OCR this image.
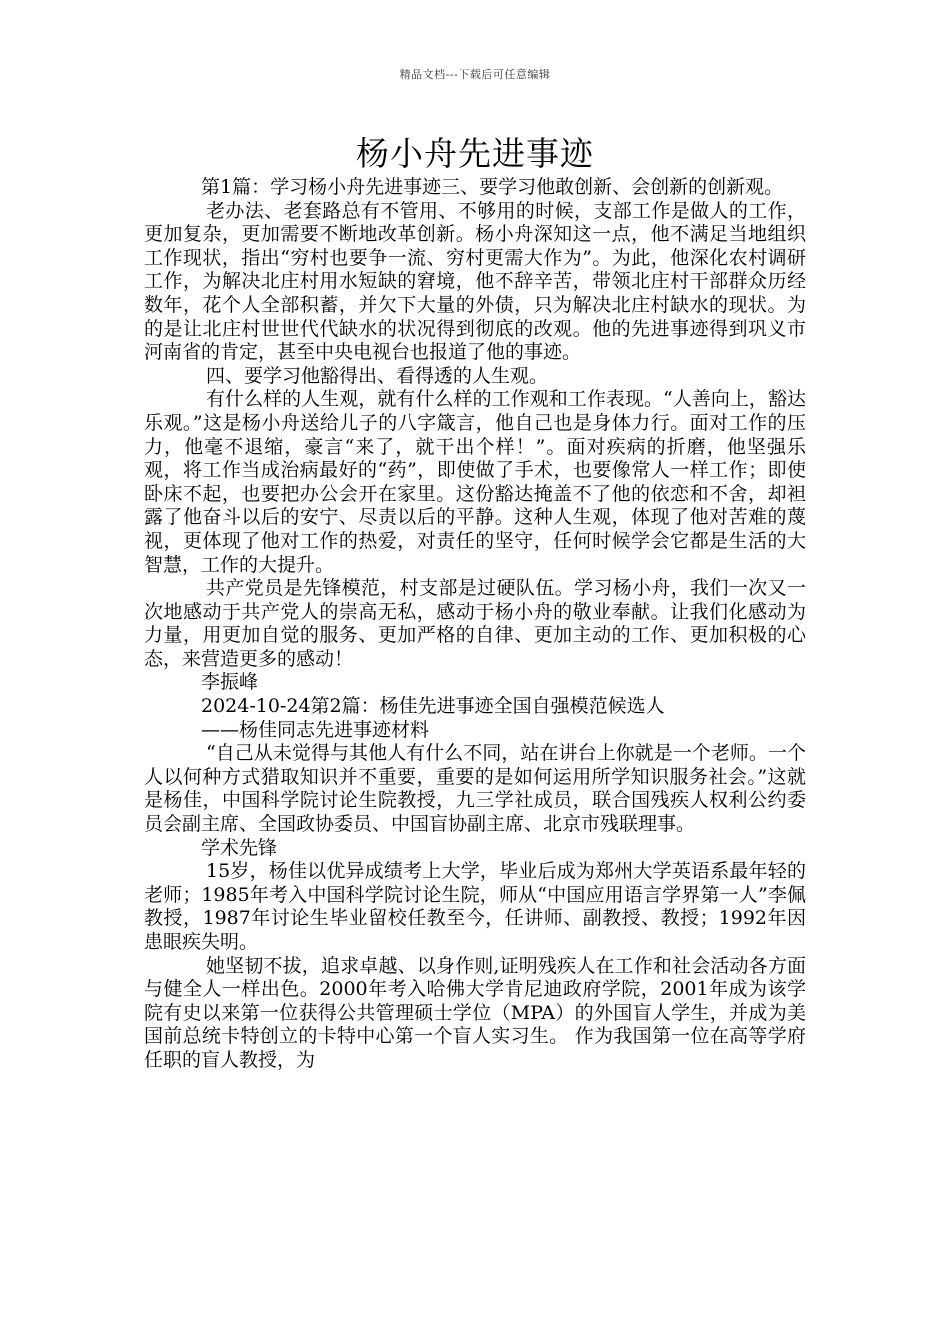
精品文档---下载后可任意编辑
杨小舟先进事迹

第1篇：学习杨小舟先进事迹三、要学习他敢创新、会创新的创新观。

老办法、老套路总有不管用、不够用的时候，支部工作是做人的工作，更加复杂，更加需要不断地改革创新。杨小舟深知这一点，他不满足当地组织工作现状，指出“穷村也要争一流、穷村更需大作为”。为此，他深化农村调研工作，为解决北庄村用水短缺的窘境，他不辞辛苦，带领北庄村干部群众历经数年，花个人全部积蓄，并欠下大量的外债，只为解决北庄村缺水的现状。为的是让北庄村世世代代缺水的状况得到彻底的改观。他的先进事迹得到巩义市河南省的肯定，甚至中央电视台也报道了他的事迹。

四、要学习他豁得出、看得透的人生观。

有什么样的人生观，就有什么样的工作观和工作表现。“人善向上，豁达乐观。”这是杨小舟送给儿子的八字箴言，他自己也是身体力行。面对工作的压力，他毫不退缩，豪言“来了，就干出个样！”。面对疾病的折磨，他坚强乐观，将工作当成治病最好的“药”，即使做了手术，也要像常人一样工作；即使卧床不起，也要把办公会开在家里。这份豁达掩盖不了他的依恋和不舍，却袒露了他奋斗以后的安宁、尽责以后的平静。这种人生观，体现了他对苦难的蔑视，更体现了他对工作的热爱，对责任的坚守，任何时候学会它都是生活的大智慧，工作的大提升。

共产党员是先锋模范，村支部是过硬队伍。学习杨小舟，我们一次又一次地感动于共产党人的崇高无私，感动于杨小舟的敬业奉献。让我们化感动为力量，用更加自觉的服务、更加严格的自律、更加主动的工作、更加积极的心态，来营造更多的感动！

李振峰

2024-10-24第2篇：杨佳先进事迹全国自强模范候选人

——杨佳同志先进事迹材料

“自己从未觉得与其他人有什么不同，站在讲台上你就是一个老师。一个人以何种方式猎取知识并不重要，重要的是如何运用所学知识服务社会。”这就是杨佳，中国科学院讨论生院教授，九三学社成员，联合国残疾人权利公约委员会副主席、全国政协委员、中国盲协副主席、北京市残联理事。

学术先锋

15岁，杨佳以优异成绩考上大学，毕业后成为郑州大学英语系最年轻的老师；1985年考入中国科学院讨论生院，师从“中国应用语言学界第一人”李佩教授，1987年讨论生毕业留校任教至今，任讲师、副教授、教授；1992年因患眼疾失明。

她坚韧不拔，追求卓越、以身作则,证明残疾人在工作和社会活动各方面与健全人一样出色。2000年考入哈佛大学肯尼迪政府学院，2001年成为该学院有史以来第一位获得公共管理硕士学位（MPA）的外国盲人学生，并成为美国前总统卡特创立的卡特中心第一个盲人实习生。 作为我国第一位在高等学府任职的盲人教授，为
